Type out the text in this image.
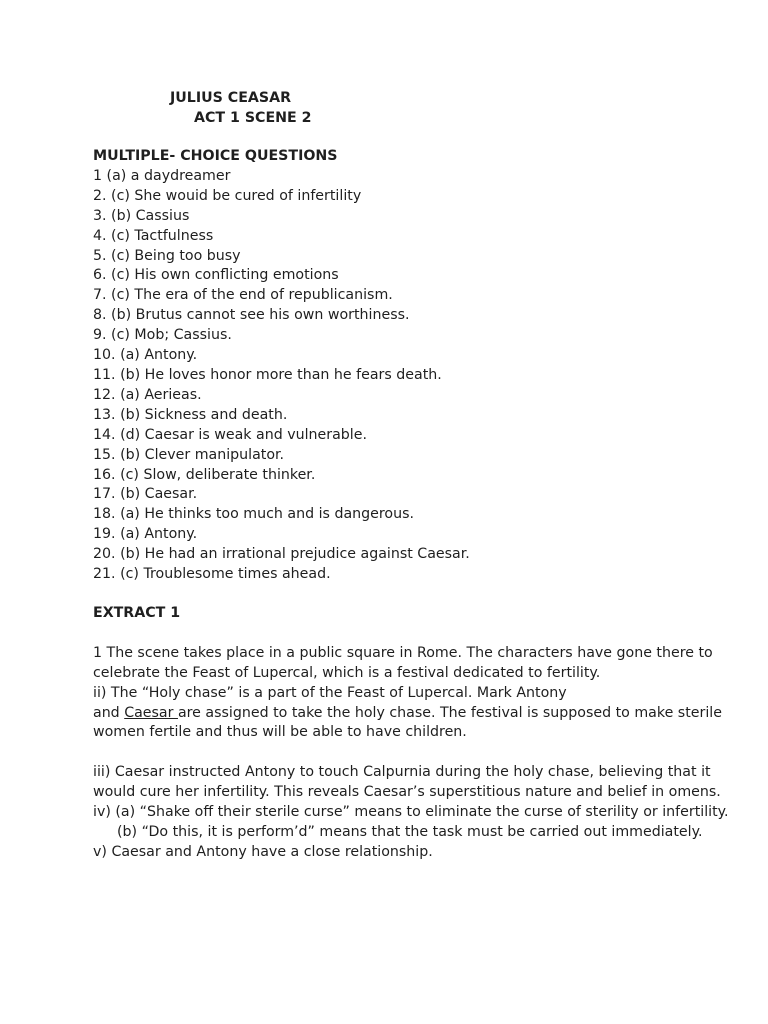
JULIUS CEASAR
ACT 1 SCENE 2

MULTIPLE- CHOICE QUESTIONS

1 (a) a daydreamer

2. (c) She wouid be cured of infertility

3. (b) Cassius

4. (c) Tactfulness

5. (c) Being too busy

6. (c) His own conflicting emotions

7. (c) The era of the end of republicanism.

8. (b) Brutus cannot see his own worthiness.

9. (c) Mob; Cassius.

10. (a) Antony.

11. (b) He loves honor more than he fears death.

12. (a) Aerieas.

13. (b) Sickness and death.

14. (d) Caesar is weak and vulnerable.

15. (b) Clever manipulator.

16. (c) Slow, deliberate thinker.

17. (b) Caesar.

18. (a) He thinks too much and is dangerous.

19. (a) Antony.

20. (b) He had an irrational prejudice against Caesar.

21. (c) Troublesome times ahead.

EXTRACT 1

1 The scene takes place in a public square in Rome. The characters have gone there to celebrate the Feast of Lupercal, which is a festival dedicated to fertility.

ii) The “Holy chase” is a part of the Feast of Lupercal. Mark Antony

and Caesar are assigned to take the holy chase. The festival is supposed to make sterile women fertile and thus will be able to have children.

iii) Caesar instructed Antony to touch Calpurnia during the holy chase, believing that it would cure her infertility. This reveals Caesar’s superstitious nature and belief in omens.

iv) (a) “Shake off their sterile curse” means to eliminate the curse of sterility or infertility.

(b) “Do this, it is perform’d” means that the task must be carried out immediately.

v) Caesar and Antony have a close relationship.
